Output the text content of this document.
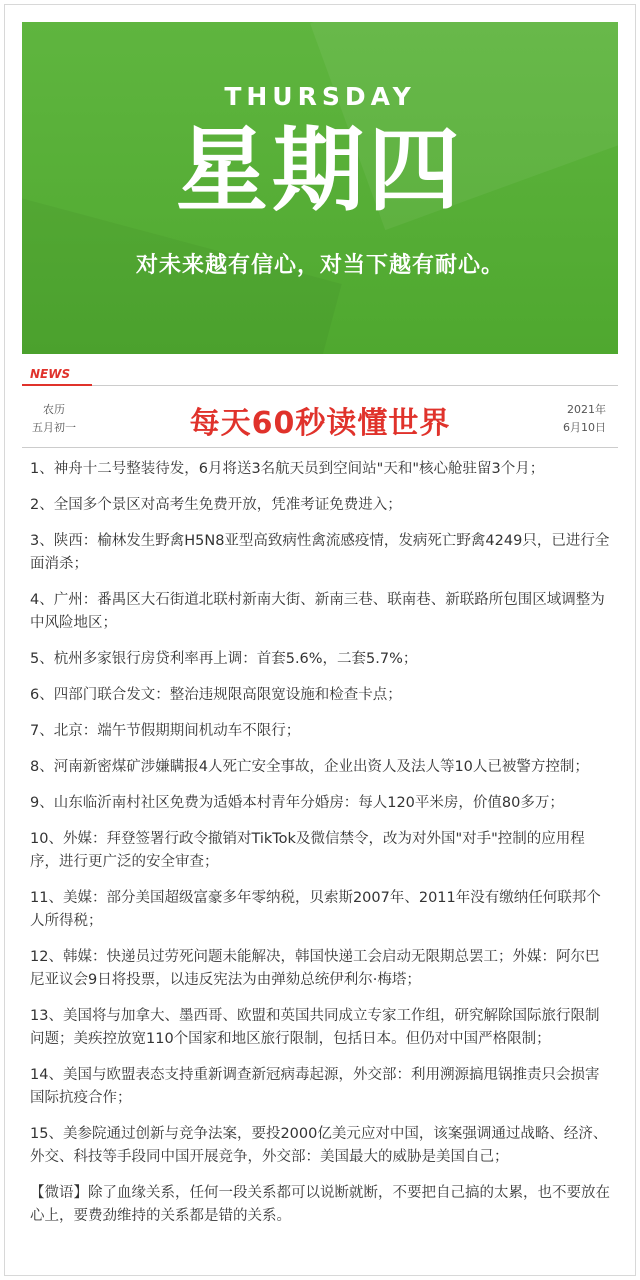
THURSDAY
星期四
对未来越有信心，对当下越有耐心。
NEWS
农历
五月初一	每天60秒读懂世界	2021年
6月10日

1、神舟十二号整装待发，6月将送3名航天员到空间站"天和"核心舱驻留3个月；

2、全国多个景区对高考生免费开放，凭准考证免费进入；

3、陕西：榆林发生野禽H5N8亚型高致病性禽流感疫情，发病死亡野禽4249只，已进行全面消杀；

4、广州：番禺区大石街道北联村新南大街、新南三巷、联南巷、新联路所包围区域调整为中风险地区；

5、杭州多家银行房贷利率再上调：首套5.6%，二套5.7%；

6、四部门联合发文：整治违规限高限宽设施和检查卡点；

7、北京：端午节假期期间机动车不限行；

8、河南新密煤矿涉嫌瞒报4人死亡安全事故，企业出资人及法人等10人已被警方控制；

9、山东临沂南村社区免费为适婚本村青年分婚房：每人120平米房，价值80多万；

10、外媒：拜登签署行政令撤销对TikTok及微信禁令，改为对外国"对手"控制的应用程序，进行更广泛的安全审查；

11、美媒：部分美国超级富豪多年零纳税，贝索斯2007年、2011年没有缴纳任何联邦个人所得税；

12、韩媒：快递员过劳死问题未能解决，韩国快递工会启动无限期总罢工；外媒：阿尔巴尼亚议会9日将投票，以违反宪法为由弹劾总统伊利尔·梅塔；

13、美国将与加拿大、墨西哥、欧盟和英国共同成立专家工作组，研究解除国际旅行限制问题；美疾控放宽110个国家和地区旅行限制，包括日本。但仍对中国严格限制；

14、美国与欧盟表态支持重新调查新冠病毒起源，外交部：利用溯源搞甩锅推责只会损害国际抗疫合作；

15、美参院通过创新与竞争法案，要投2000亿美元应对中国，该案强调通过战略、经济、外交、科技等手段同中国开展竞争，外交部：美国最大的威胁是美国自己；

【微语】除了血缘关系，任何一段关系都可以说断就断，不要把自己搞的太累，也不要放在心上，要费劲维持的关系都是错的关系。
